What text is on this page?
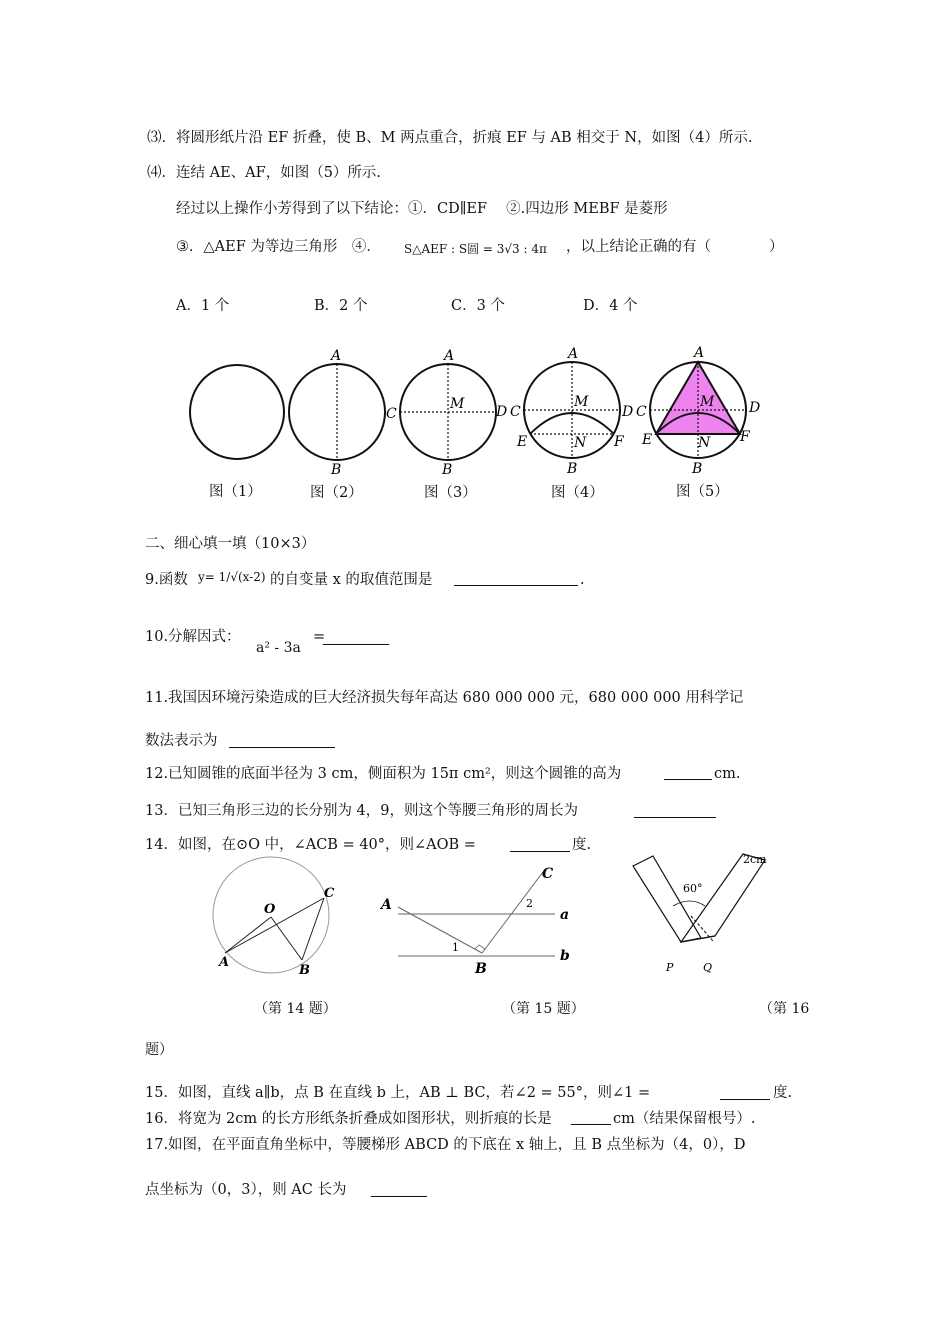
⑶．将圆形纸片沿 EF 折叠，使 B、M 两点重合，折痕 EF 与 AB 相交于 N，如图（4）所示.
⑷．连结 AE、AF，如图（5）所示.
经过以上操作小芳得到了以下结论：①．CD∥EF　 ②.四边形 MEBF 是菱形
③．△AEF 为等边三角形　④． S△AEF : S圆 = 3√3 : 4π ，以上结论正确的有（　　　　）
A．1 个	B．2 个	C．3 个	D．4 个
A
B
A
B
C
M
A
B
C
D
M
E	F
N
A
B
C
D	D
M
E	F
N
图（1）	图（2）	图（3）	图（4）	图（5）
二、细心填一填（10×3）
9.函数 y= 1/√(x-2) 的自变量 x 的取值范围是	.
10.分解因式：
a² - 3a
=
11.我国因环境污染造成的巨大经济损失每年高达 680 000 000 元，680 000 000 用科学记
数法表示为
12.已知圆锥的底面半径为 3 cm，侧面积为 15π cm²，则这个圆锥的高为	cm.
13．已知三角形三边的长分别为 4，9，则这个等腰三角形的周长为
14．如图，在⊙O 中，∠ACB = 40°，则∠AOB =	度.
O
C
A
B
A
C
B
a
b
1
2
60°
2cm
P	Q
（第 14 题）	（第 15 题）	（第 16
题）
15．如图，直线 a∥b，点 B 在直线 b 上，AB ⊥ BC，若∠2 = 55°，则∠1 =	度.
16．将宽为 2cm 的长方形纸条折叠成如图形状，则折痕的长是	cm（结果保留根号）.
17.如图，在平面直角坐标中，等腰梯形 ABCD 的下底在 x 轴上，且 B 点坐标为（4，0），D
点坐标为（0，3），则 AC 长为
